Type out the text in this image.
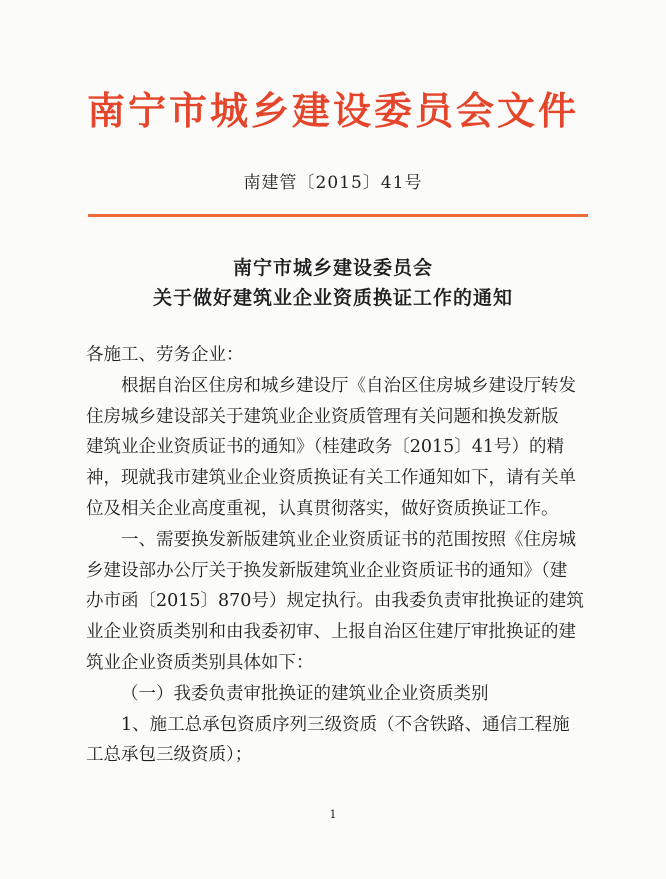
南宁市城乡建设委员会文件
南建管〔2015〕41号
南宁市城乡建设委员会
关于做好建筑业企业资质换证工作的通知

各施工、劳务企业：

根据自治区住房和城乡建设厅《自治区住房城乡建设厅转发

住房城乡建设部关于建筑业企业资质管理有关问题和换发新版

建筑业企业资质证书的通知》（桂建政务〔2015〕41号）的精

神，现就我市建筑业企业资质换证有关工作通知如下，请有关单

位及相关企业高度重视，认真贯彻落实，做好资质换证工作。

一、需要换发新版建筑业企业资质证书的范围按照《住房城

乡建设部办公厅关于换发新版建筑业企业资质证书的通知》（建

办市函〔2015〕870号）规定执行。由我委负责审批换证的建筑

业企业资质类别和由我委初审、上报自治区住建厅审批换证的建

筑业企业资质类别具体如下：

（一）我委负责审批换证的建筑业企业资质类别

1、施工总承包资质序列三级资质（不含铁路、通信工程施

工总承包三级资质）；

1
